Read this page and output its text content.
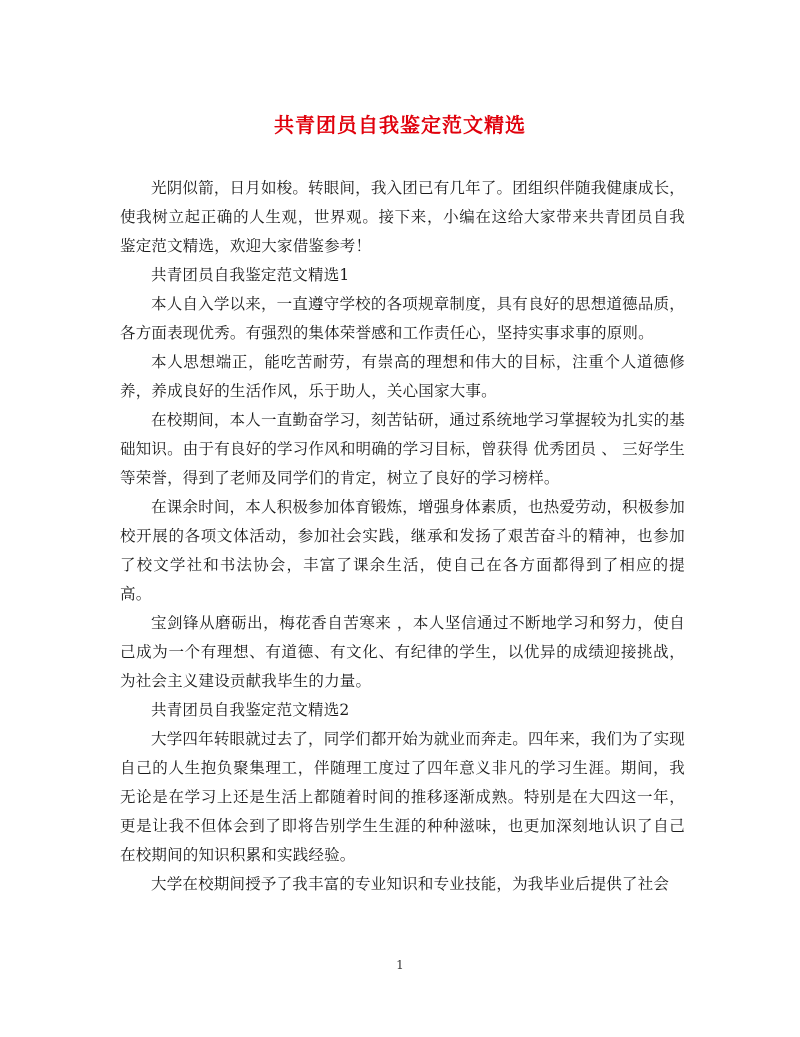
共青团员自我鉴定范文精选

光阴似箭，日月如梭。转眼间，我入团已有几年了。团组织伴随我健康成长，使我树立起正确的人生观，世界观。接下来，小编在这给大家带来共青团员自我鉴定范文精选，欢迎大家借鉴参考！

共青团员自我鉴定范文精选1

本人自入学以来，一直遵守学校的各项规章制度，具有良好的思想道德品质，各方面表现优秀。有强烈的集体荣誉感和工作责任心，坚持实事求事的原则。

本人思想端正，能吃苦耐劳，有崇高的理想和伟大的目标，注重个人道德修养，养成良好的生活作风，乐于助人，关心国家大事。

在校期间，本人一直勤奋学习，刻苦钻研，通过系统地学习掌握较为扎实的基础知识。由于有良好的学习作风和明确的学习目标，曾获得 优秀团员 、 三好学生 等荣誉，得到了老师及同学们的肯定，树立了良好的学习榜样。

在课余时间，本人积极参加体育锻炼，增强身体素质，也热爱劳动，积极参加校开展的各项文体活动，参加社会实践，继承和发扬了艰苦奋斗的精神，也参加了校文学社和书法协会，丰富了课余生活，使自己在各方面都得到了相应的提高。

宝剑锋从磨砺出，梅花香自苦寒来 ，本人坚信通过不断地学习和努力，使自己成为一个有理想、有道德、有文化、有纪律的学生，以优异的成绩迎接挑战，为社会主义建设贡献我毕生的力量。

共青团员自我鉴定范文精选2

大学四年转眼就过去了，同学们都开始为就业而奔走。四年来，我们为了实现自己的人生抱负聚集理工，伴随理工度过了四年意义非凡的学习生涯。期间，我无论是在学习上还是生活上都随着时间的推移逐渐成熟。特别是在大四这一年，更是让我不但体会到了即将告别学生生涯的种种滋味，也更加深刻地认识了自己在校期间的知识积累和实践经验。

大学在校期间授予了我丰富的专业知识和专业技能，为我毕业后提供了社会

1
